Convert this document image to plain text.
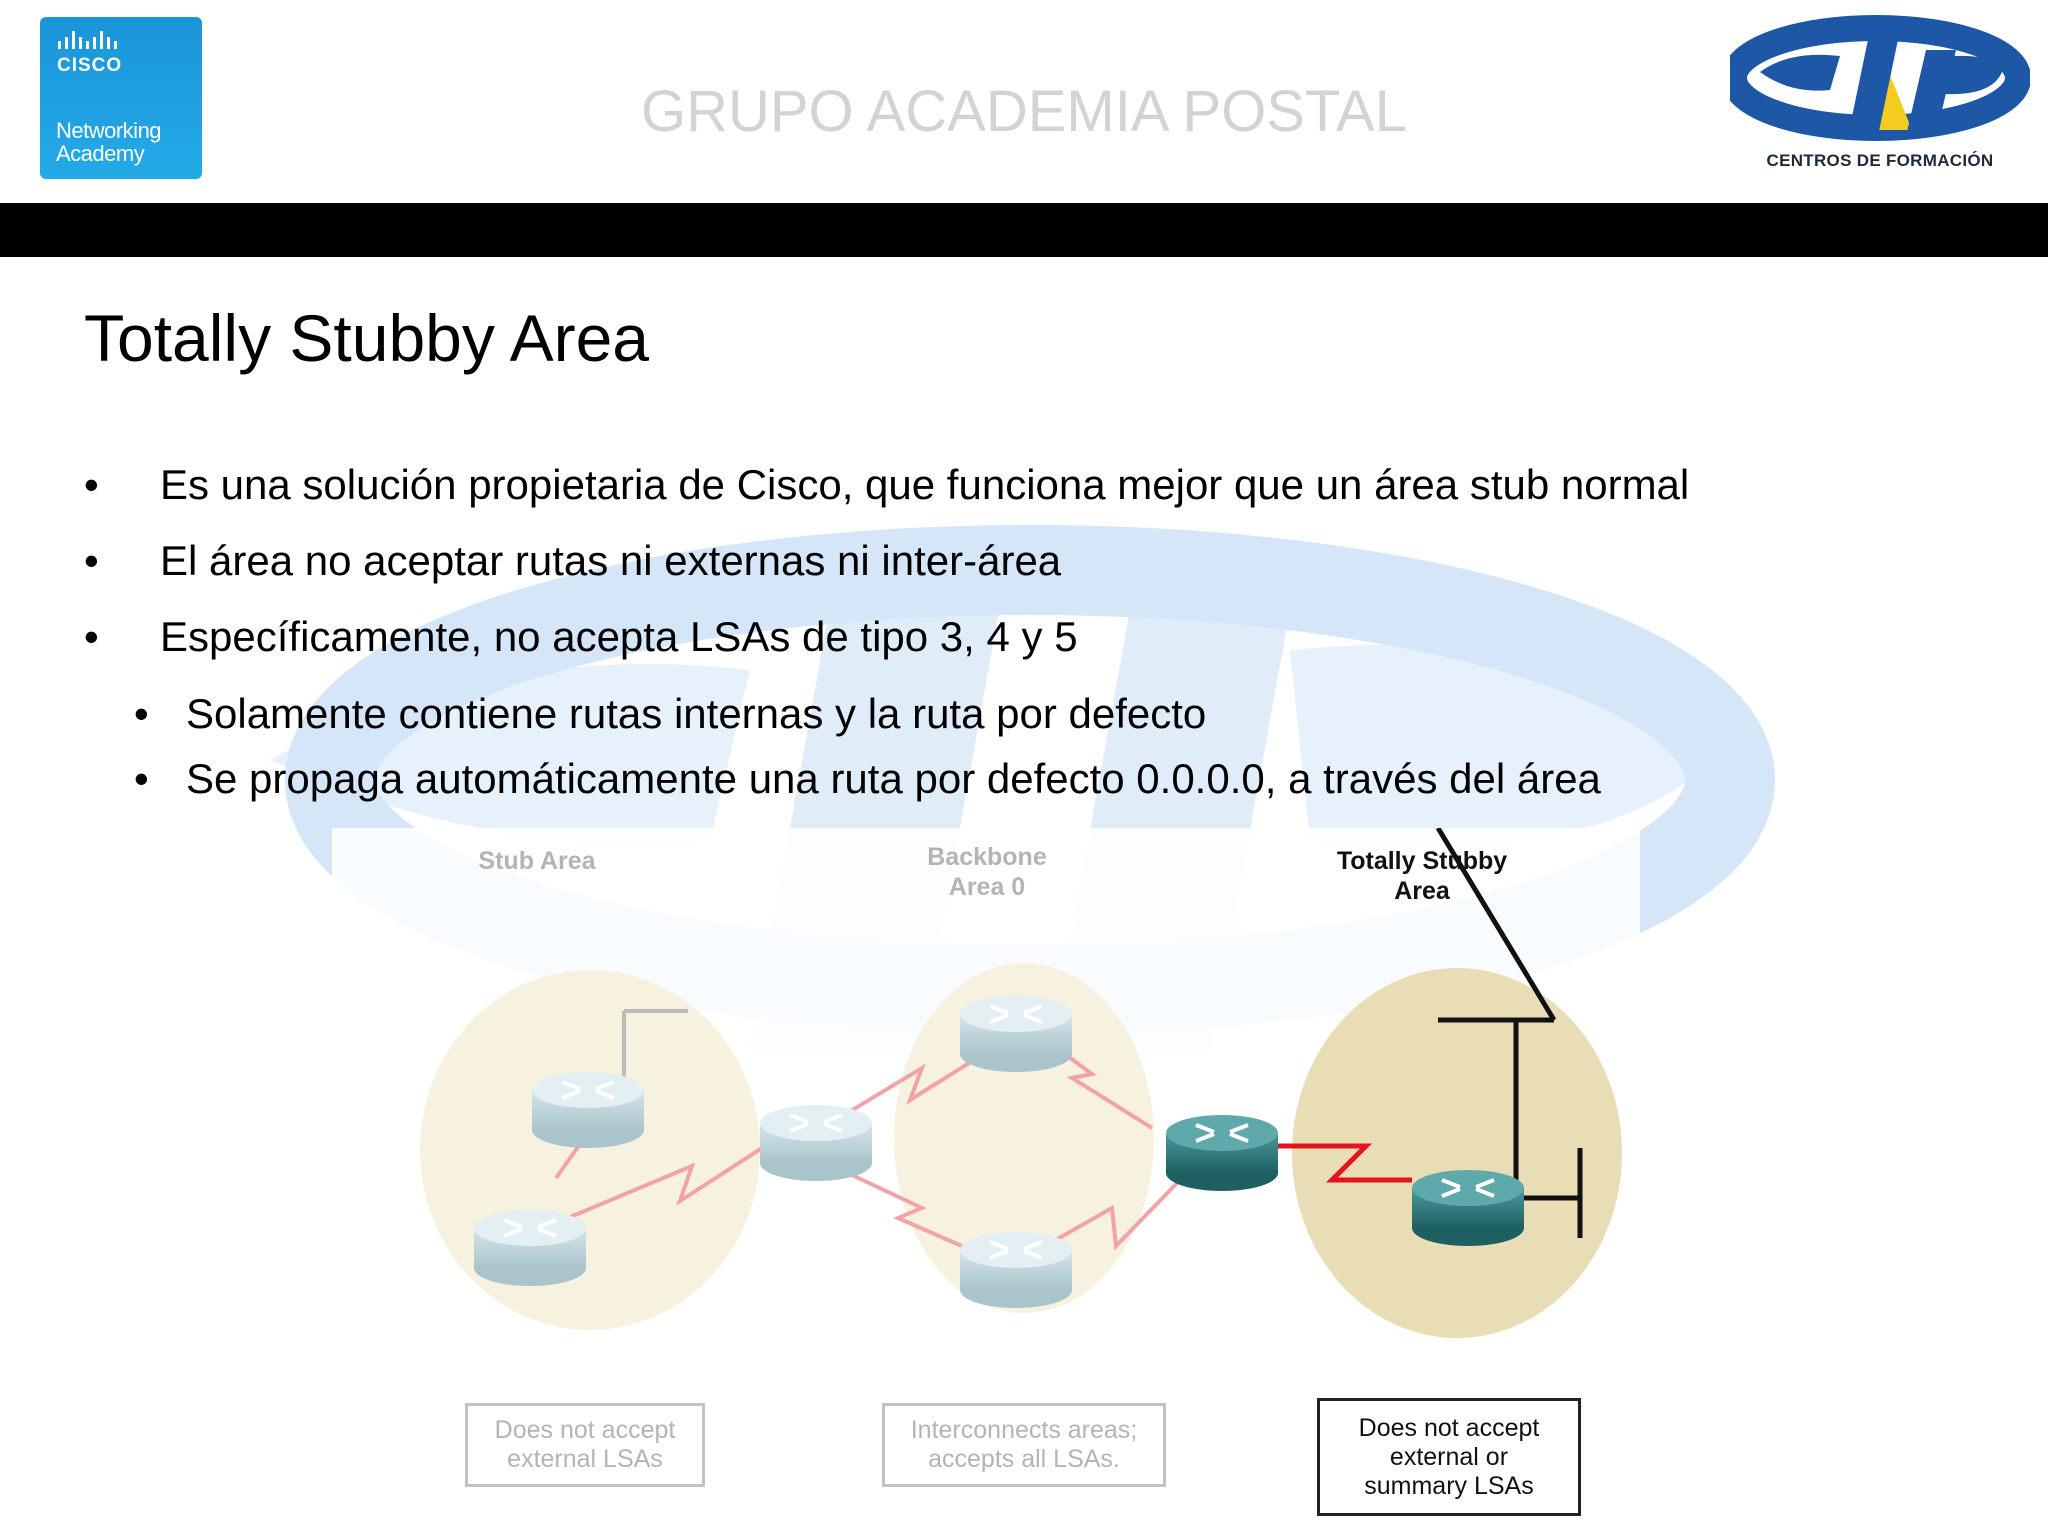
CISCO
Networking
Academy
GRUPO ACADEMIA POSTAL
CENTROS DE FORMACIÓN
Totally Stubby Area
• Es una solución propietaria de Cisco, que funciona mejor que un área stub normal
• El área no aceptar rutas ni externas ni inter-área
• Específicamente, no acepta LSAs de tipo 3, 4 y 5
• Solamente contiene rutas internas y la ruta por defecto
• Se propaga automáticamente una ruta por defecto 0.0.0.0, a través del área
Stub Area	Backbone
Area 0
Totally Stubby
Area
Does not accept
external LSAs
Interconnects areas;
accepts all LSAs.
Does not accept
external or
summary LSAs
